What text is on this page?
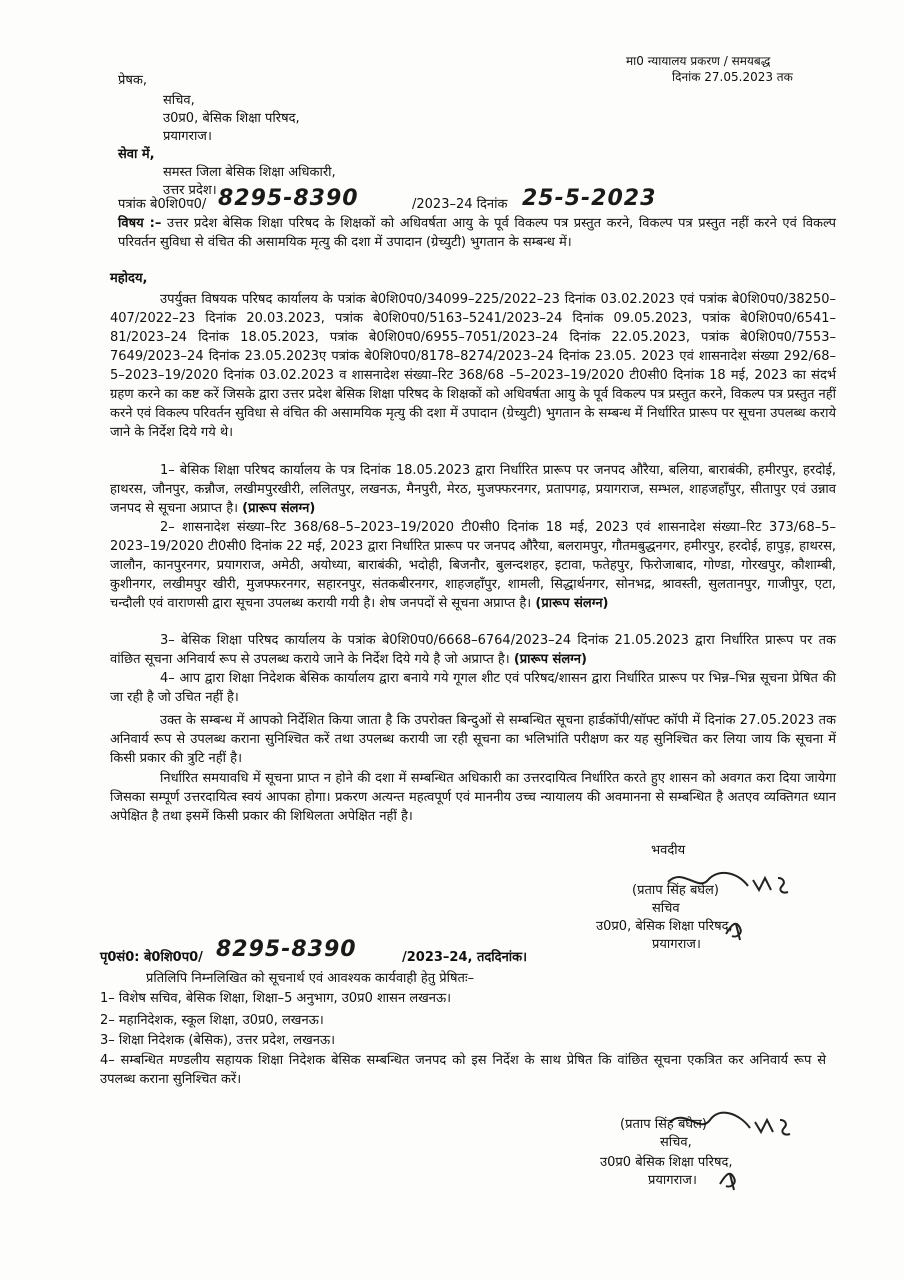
मा0 न्यायालय प्रकरण / समयबद्ध
दिनांक 27.05.2023 तक
प्रेषक,
सचिव,
उ0प्र0, बेसिक शिक्षा परिषद,
प्रयागराज।
सेवा में,
समस्त जिला बेसिक शिक्षा अधिकारी,
उत्तर प्रदेश।
पत्रांक बे0शि0प0/ 8295-8390	/2023–24 दिनांक 25-5-2023
विषय :– उत्तर प्रदेश बेसिक शिक्षा परिषद के शिक्षकों को अधिवर्षता आयु के पूर्व विकल्प पत्र प्रस्तुत करने, विकल्प पत्र प्रस्तुत नहीं करने एवं विकल्प परिवर्तन सुविधा से वंचित की असामयिक मृत्यु की दशा में उपादान (ग्रेच्युटी) भुगतान के सम्बन्ध में।
महोदय,
उपर्युक्त विषयक परिषद कार्यालय के पत्रांक बे0शि0प0/34099–225/2022–23 दिनांक 03.02.2023 एवं पत्रांक बे0शि0प0/38250–407/2022–23 दिनांक 20.03.2023, पत्रांक बे0शि0प0/5163–5241/2023–24 दिनांक 09.05.2023, पत्रांक बे0शि0प0/6541–81/2023–24 दिनांक 18.05.2023, पत्रांक बे0शि0प0/6955–7051/2023–24 दिनांक 22.05.2023, पत्रांक बे0शि0प0/7553–7649/2023–24 दिनांक 23.05.2023ए पत्रांक बे0शि0प0/8178–8274/2023–24 दिनांक 23.05. 2023 एवं शासनादेश संख्या 292/68–5–2023–19/2020 दिनांक 03.02.2023 व शासनादेश संख्या–रिट 368/68 –5–2023–19/2020 टी0सी0 दिनांक 18 मई, 2023 का संदर्भ ग्रहण करने का कष्ट करें जिसके द्वारा उत्तर प्रदेश बेसिक शिक्षा परिषद के शिक्षकों को अधिवर्षता आयु के पूर्व विकल्प पत्र प्रस्तुत करने, विकल्प पत्र प्रस्तुत नहीं करने एवं विकल्प परिवर्तन सुविधा से वंचित की असामयिक मृत्यु की दशा में उपादान (ग्रेच्युटी) भुगतान के सम्बन्ध में निर्धारित प्रारूप पर सूचना उपलब्ध कराये जाने के निर्देश दिये गये थे।
1– बेसिक शिक्षा परिषद कार्यालय के पत्र दिनांक 18.05.2023 द्वारा निर्धारित प्रारूप पर जनपद औरैया, बलिया, बाराबंकी, हमीरपुर, हरदोई, हाथरस, जौनपुर, कन्नौज, लखीमपुरखीरी, ललितपुर, लखनऊ, मैनपुरी, मेरठ, मुजफ्फरनगर, प्रतापगढ़, प्रयागराज, सम्भल, शाहजहाँपुर, सीतापुर एवं उन्नाव जनपद से सूचना अप्राप्त है। (प्रारूप संलग्न)
2– शासनादेश संख्या–रिट 368/68–5–2023–19/2020 टी0सी0 दिनांक 18 मई, 2023 एवं शासनादेश संख्या–रिट 373/68–5–2023–19/2020 टी0सी0 दिनांक 22 मई, 2023 द्वारा निर्धारित प्रारूप पर जनपद औरैया, बलरामपुर, गौतमबुद्धनगर, हमीरपुर, हरदोई, हापुड़, हाथरस, जालौन, कानपुरनगर, प्रयागराज, अमेठी, अयोध्या, बाराबंकी, भदोही, बिजनौर, बुलन्दशहर, इटावा, फतेहपुर, फिरोजाबाद, गोण्डा, गोरखपुर, कौशाम्बी, कुशीनगर, लखीमपुर खीरी, मुजफ्फरनगर, सहारनपुर, संतकबीरनगर, शाहजहाँपुर, शामली, सिद्धार्थनगर, सोनभद्र, श्रावस्ती, सुलतानपुर, गाजीपुर, एटा, चन्दौली एवं वाराणसी द्वारा सूचना उपलब्ध करायी गयी है। शेष जनपदों से सूचना अप्राप्त है। (प्रारूप संलग्न)
3– बेसिक शिक्षा परिषद कार्यालय के पत्रांक बे0शि0प0/6668–6764/2023–24 दिनांक 21.05.2023 द्वारा निर्धारित प्रारूप पर तक वांछित सूचना अनिवार्य रूप से उपलब्ध कराये जाने के निर्देश दिये गये है जो अप्राप्त है। (प्रारूप संलग्न)
4– आप द्वारा शिक्षा निदेशक बेसिक कार्यालय द्वारा बनाये गये गूगल शीट एवं परिषद/शासन द्वारा निर्धारित प्रारूप पर भिन्न–भिन्न सूचना प्रेषित की जा रही है जो उचित नहीं है।
उक्त के सम्बन्ध में आपको निर्देशित किया जाता है कि उपरोक्त बिन्दुओं से सम्बन्धित सूचना हार्डकॉपी/सॉफ्ट कॉपी में दिनांक 27.05.2023 तक अनिवार्य रूप से उपलब्ध कराना सुनिश्चित करें तथा उपलब्ध करायी जा रही सूचना का भलिभांति परीक्षण कर यह सुनिश्चित कर लिया जाय कि सूचना में किसी प्रकार की त्रुटि नहीं है।
निर्धारित समयावधि में सूचना प्राप्त न होने की दशा में सम्बन्धित अधिकारी का उत्तरदायित्व निर्धारित करते हुए शासन को अवगत करा दिया जायेगा जिसका सम्पूर्ण उत्तरदायित्व स्वयं आपका होगा। प्रकरण अत्यन्त महत्वपूर्ण एवं माननीय उच्च न्यायालय की अवमानना से सम्बन्धित है अतएव व्यक्तिगत ध्यान अपेक्षित है तथा इसमें किसी प्रकार की शिथिलता अपेक्षित नहीं है।
भवदीय
(प्रताप सिंह बघेल)
सचिव
उ0प्र0, बेसिक शिक्षा परिषद,
प्रयागराज।
पृ0सं0: बे0शि0प0/ 8295-8390	/2023–24, तददिनांक।
प्रतिलिपि निम्नलिखित को सूचनार्थ एवं आवश्यक कार्यवाही हेतु प्रेषितः–
1– विशेष सचिव, बेसिक शिक्षा, शिक्षा–5 अनुभाग, उ0प्र0 शासन लखनऊ।
2– महानिदेशक, स्कूल शिक्षा, उ0प्र0, लखनऊ।
3– शिक्षा निदेशक (बेसिक), उत्तर प्रदेश, लखनऊ।
4– सम्बन्धित मण्डलीय सहायक शिक्षा निदेशक बेसिक सम्बन्धित जनपद को इस निर्देश के साथ प्रेषित कि वांछित सूचना एकत्रित कर अनिवार्य रूप से उपलब्ध कराना सुनिश्चित करें।
(प्रताप सिंह बघेल)
सचिव,
उ0प्र0 बेसिक शिक्षा परिषद,
प्रयागराज।
